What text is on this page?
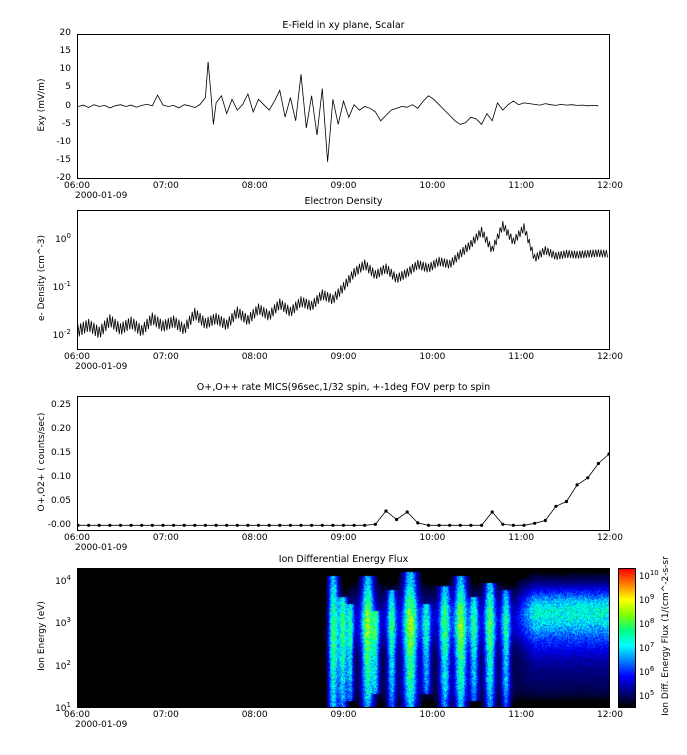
E-Field in xy plane, Scalar
Exy (mV/m)
-20
-15
-10
-5
0
5
10
15
20
06:00	07:00	08:00	09:00	10:00	11:00	12:00
2000-01-09	Electron Density
e- Density (cm^-3) $10^0$
$10^{-1}$
$10^{-2}$
06:00	07:00	08:00	09:00	10:00	11:00	12:00
2000-01-09
O+,O++ rate MICS(96sec,1/32 spin, +-1deg FOV perp to spin
O+,O2+ ( counts/sec)
-0.00
0.05
0.10
0.15
0.20
0.25
06:00	07:00	08:00	09:00	10:00	11:00	12:00
2000-01-09
Ion Differential Energy Flux
Ion Energy (eV)
$10^4$
$10^3$
$10^2$
$10^1$
06:00	07:00	08:00	09:00	10:00	11:00	12:00
2000-01-09
$10^{10}$
$10^9$
$10^8$
$10^7$
$10^6$
$10^5$ Ion Diff. Energy Flux (1/(cm^-2-s-sr
